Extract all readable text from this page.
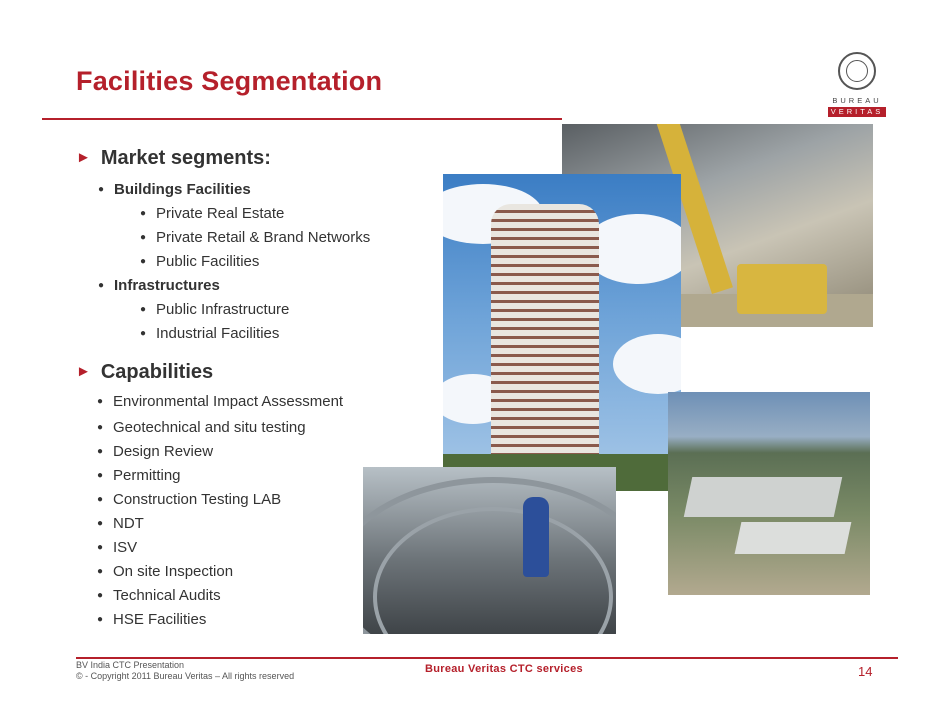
Facilities Segmentation
BUREAU
VERITAS
► Market segments:
● Buildings Facilities
● Private Real Estate
● Private Retail & Brand Networks
● Public Facilities
● Infrastructures
● Public Infrastructure
● Industrial Facilities
► Capabilities
● Environmental Impact Assessment
● Geotechnical and situ testing
● Design Review
● Permitting
● Construction Testing LAB
● NDT
● ISV
● On site Inspection
● Technical Audits
● HSE Facilities
BV India CTC Presentation
© - Copyright 2011 Bureau Veritas – All rights reserved
Bureau Veritas CTC services	14
